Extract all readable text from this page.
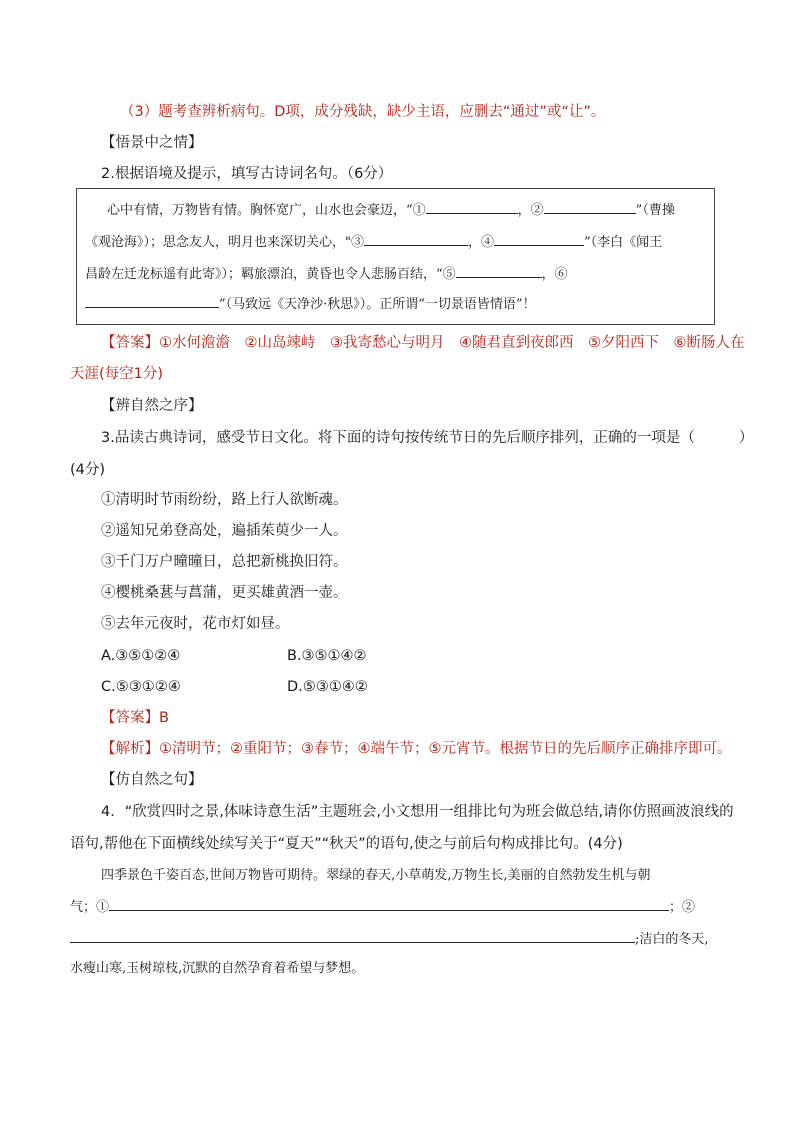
（3）题考查辨析病句。D项，成分残缺，缺少主语，应删去“通过”或“让”。
【悟景中之情】
2.根据语境及提示，填写古诗词名句。（6分）
心中有情，万物皆有情。胸怀宽广，山水也会豪迈，“①	，②	”（曹操
《观沧海》）；思念友人，明月也来深切关心，"③	，④	”（李白《闻王
昌龄左迁龙标遥有此寄》）；羁旅漂泊，黄昏也令人悲肠百结，“⑤	，⑥
”（马致远《天净沙·秋思》）。正所谓“一切景语皆情语”！
【答案】①水何澹澹　②山岛竦峙　③我寄愁心与明月　④随君直到夜郎西　⑤夕阳西下　⑥断肠人在
天涯(每空1分)
【辨自然之序】
3.品读古典诗词，感受节日文化。将下面的诗句按传统节日的先后顺序排列，正确的一项是（	）
(4分)
①清明时节雨纷纷，路上行人欲断魂。
②遥知兄弟登高处，遍插茱萸少一人。
③千门万户曈曈日，总把新桃换旧符。
④樱桃桑葚与菖蒲，更买雄黄酒一壶。
⑤去年元夜时，花市灯如昼。
A.③⑤①②④	B.③⑤①④②
C.⑤③①②④	D.⑤③①④②
【答案】B
【解析】①清明节；②重阳节；③春节；④端午节；⑤元宵节。根据节日的先后顺序正确排序即可。
【仿自然之句】
4．“欣赏四时之景,体味诗意生活”主题班会,小文想用一组排比句为班会做总结,请你仿照画波浪线的
语句,帮他在下面横线处续写关于“夏天”“秋天”的语句,使之与前后句构成排比句。(4分)
四季景色千姿百态,世间万物皆可期待。翠绿的春天,小草萌发,万物生长,美丽的自然勃发生机与朝
气；①	；②
;洁白的冬天,
水瘦山寒,玉树琼枝,沉默的自然孕育着希望与梦想。
